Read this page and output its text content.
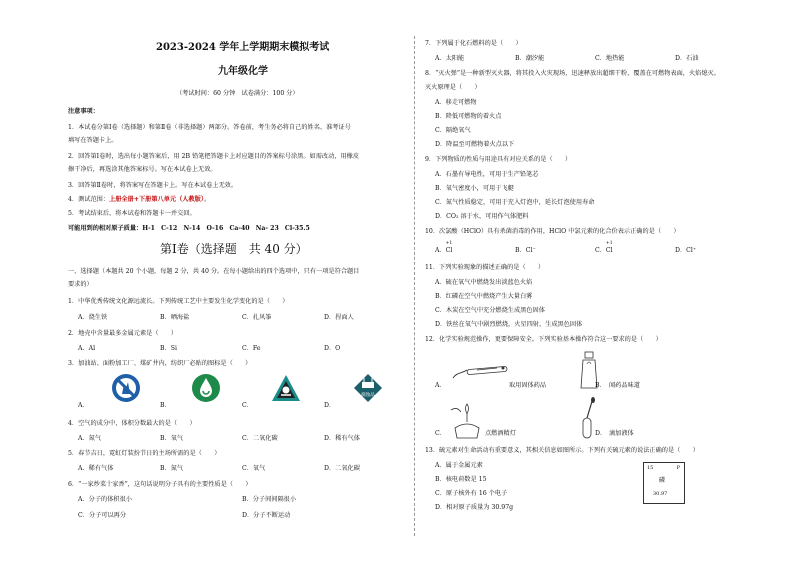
2023-2024 学年上学期期末模拟考试
九年级化学
（考试时间：60 分钟　试卷满分：100 分）
注意事项：
1．本试卷分第Ⅰ卷（选择题）和第Ⅱ卷（非选择题）两部分。答卷前，考生务必将自己的姓名、准考证号
填写在答题卡上。
2．回答第Ⅰ卷时，选出每小题答案后，用 2B 铅笔把答题卡上对应题目的答案标号涂黑。如需改动，用橡皮
擦干净后，再选涂其他答案标号。写在本试卷上无效。
3．回答第Ⅱ卷时，将答案写在答题卡上。写在本试卷上无效。
4．测试范围：上册全册+下册第八单元（人教版）。
5．考试结束后，将本试卷和答题卡一并交回。
可能用到的相对原子质量：H-1　C-12　N-14　O-16　Ca-40　Na- 23　Cl-35.5
第Ⅰ卷（选择题　共 40 分）
一、选择题（本题共 20 个小题，每题 2 分，共 40 分。在每小题给出的四个选项中，只有一项是符合题目
要求的）
1．中华优秀传统文化源远流长。下列传统工艺中主要发生化学变化的是（　　）
A．烧生铁	B．晒海盐	C．扎风筝	D．捏面人
2．地壳中含量最多金属元素是（　　）
A．Al	B．Si	C．Fe	D．O
3．加油站、面粉加工厂、煤矿井内，纺织厂必贴的图标是（　　）
A．	B．	C．	D．
腐蚀品
4．空气的成分中，体积分数最大的是（　　）
A．氮气	B．氧气	C．二氧化碳	D．稀有气体
5．春节吉日，霓虹灯装扮节日的主场所需的是（　　）
A．稀有气体	B．氮气	C．氧气	D．二氧化碳
6．“一家炒菜十家香”，这句话说明分子具有的主要性质是（　　）
A．分子的体积很小	B．分子间间隔很小
C．分子可以再分	D．分子不断运动
7．下列属于化石燃料的是（　　）
A．太阳能	B．潮汐能	C．地热能	D．石油
8．“灭火弹”是一种新型灭火器，将其投入火灾现场，迅速释放出超细干粉，覆盖在可燃物表面，火焰熄灭。
灭火原理是（　　）
A．移走可燃物
B．降低可燃物的着火点
C．隔绝氧气
D．降温至可燃物着火点以下
9．下列物质的性质与用途具有对应关系的是（　　）
A．石墨有导电性，可用于生产铅笔芯
B．氧气密度小，可用于飞艇
C．氮气性质稳定，可用于充入灯泡中，延长灯泡使用寿命
D．CO₂ 溶于水，可用作气体肥料
10．次氯酸（HClO）具有杀菌消毒的作用，HClO 中氯元素的化合价表示正确的是（　　）
A．
+1
Cl	B．Cl⁻	C．
+1
Cl	D．Cl⁺
11．下列实验现象的描述正确的是（　　）
A．硫在氧气中燃烧发出淡蓝色火焰
B．红磷在空气中燃烧产生大量白雾
C．木炭在空气中充分燃烧生成黑色固体
D．铁丝在氧气中剧烈燃烧，火星四射，生成黑色固体
12．化学实验规范操作，更要保障安全。下列实验基本操作符合这一要求的是（　　）
A．	取用固体药品	B． 闻药品味道
C．	点燃酒精灯	D． 滴加液体
13．硫元素对生命活动有重要意义，其相关信息如图所示。下列有关硫元素的说法正确的是（　　）
A．属于金属元素
B．核电荷数是 15
C．原子核外有 16 个电子
D．相对原子质量为 30.97g
15	P
磷
30.97
